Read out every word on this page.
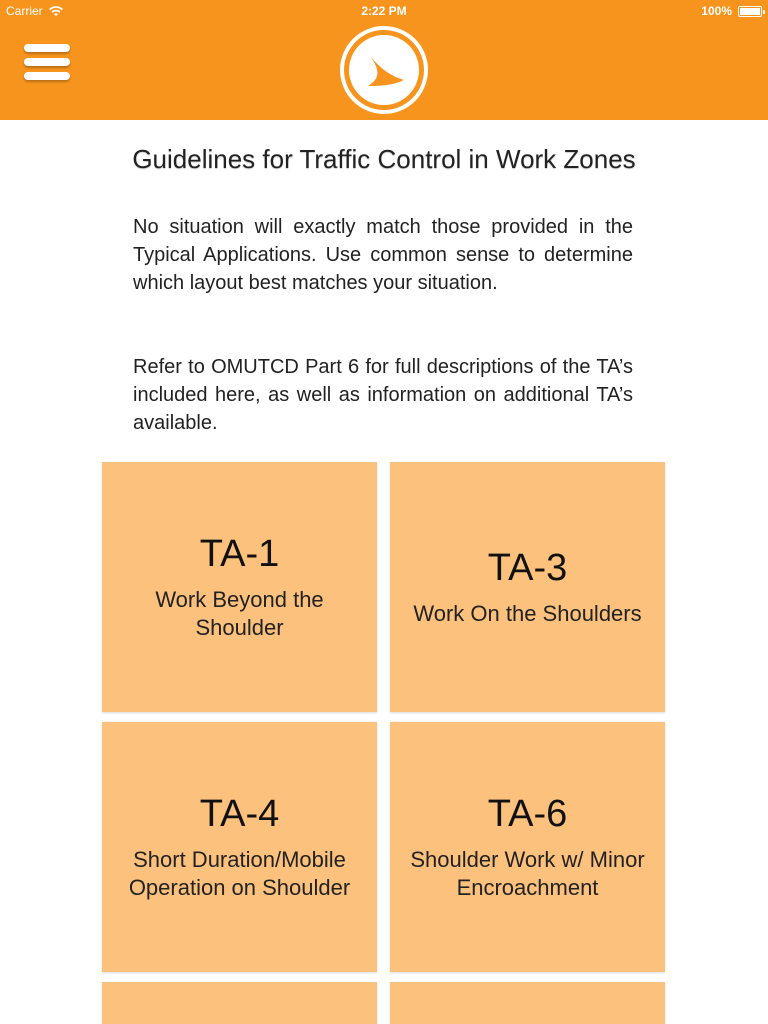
Carrier	2:22 PM	100%
Guidelines for Traffic Control in Work Zones

No situation will exactly match those provided in the Typical Applications. Use common sense to determine which layout best matches your situation.

Refer to OMUTCD Part 6 for full descriptions of the TA’s included here, as well as information on additional TA’s available.

TA-1
Work Beyond the Shoulder
TA-3
Work On the Shoulders
TA-4
Short Duration/Mobile Operation on Shoulder
TA-6
Shoulder Work w/ Minor Encroachment
